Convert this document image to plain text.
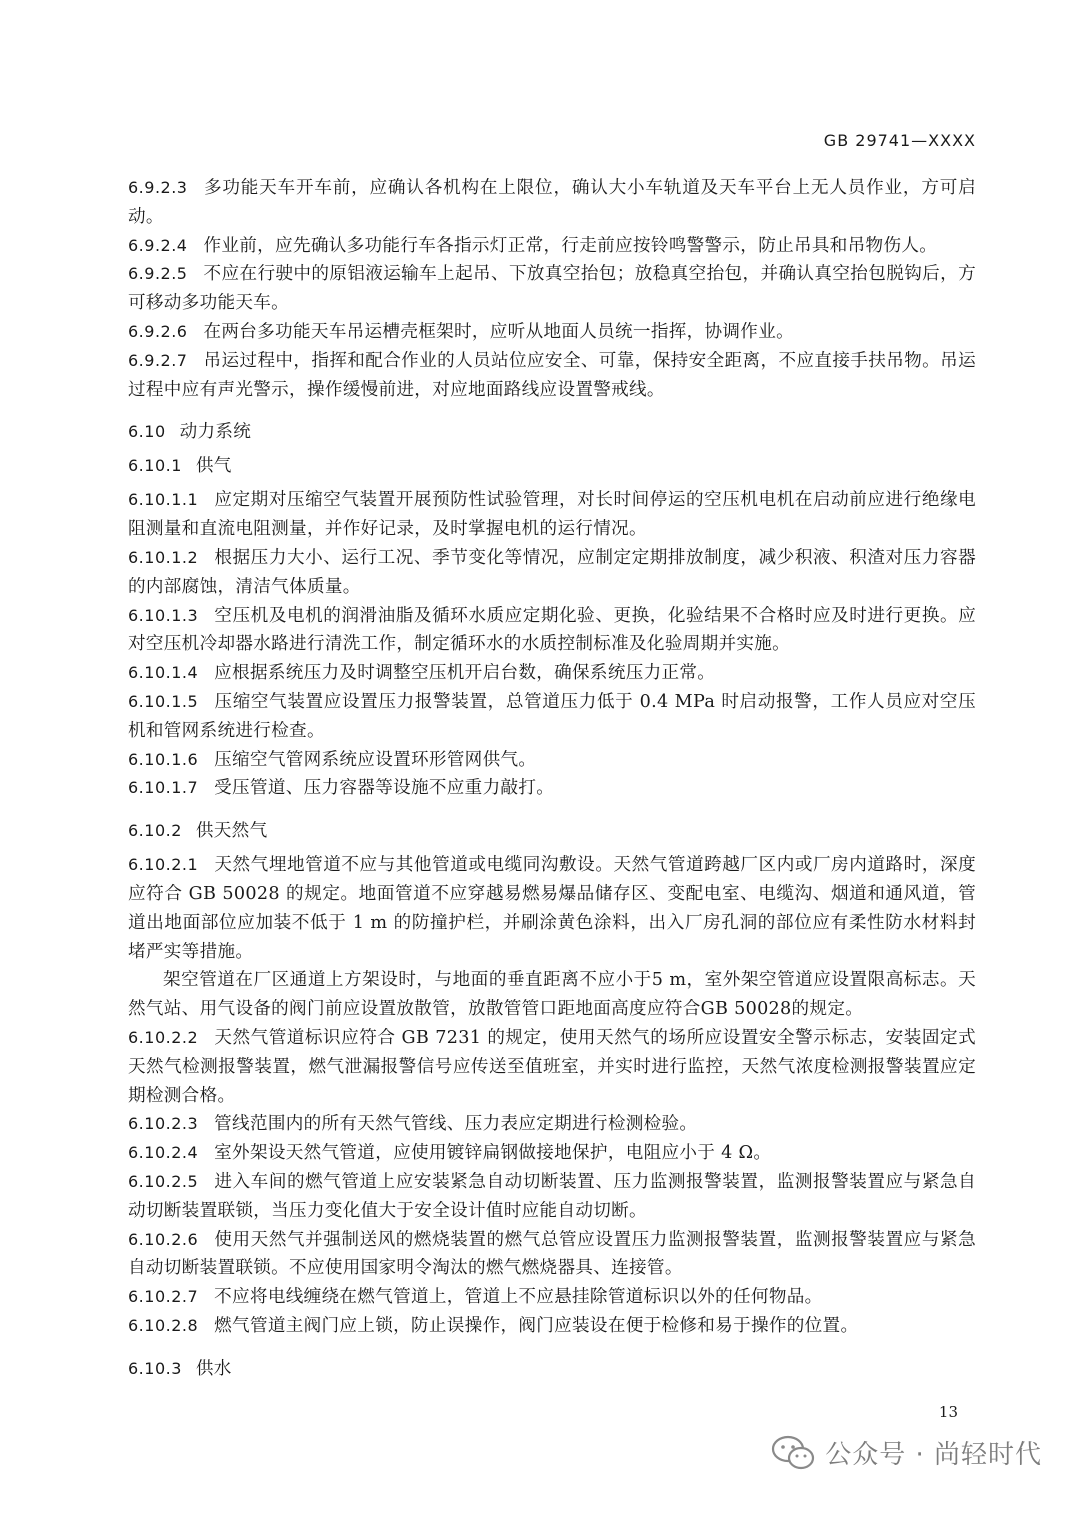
GB 29741—XXXX

6.9.2.3 多功能天车开车前，应确认各机构在上限位，确认大小车轨道及天车平台上无人员作业，方可启动。

6.9.2.4 作业前，应先确认多功能行车各指示灯正常，行走前应按铃鸣警警示，防止吊具和吊物伤人。

6.9.2.5 不应在行驶中的原铝液运输车上起吊、下放真空抬包；放稳真空抬包，并确认真空抬包脱钩后，方可移动多功能天车。

6.9.2.6 在两台多功能天车吊运槽壳框架时，应听从地面人员统一指挥，协调作业。

6.9.2.7 吊运过程中，指挥和配合作业的人员站位应安全、可靠，保持安全距离，不应直接手扶吊物。吊运过程中应有声光警示，操作缓慢前进，对应地面路线应设置警戒线。

6.10 动力系统

6.10.1 供气

6.10.1.1 应定期对压缩空气装置开展预防性试验管理，对长时间停运的空压机电机在启动前应进行绝缘电阻测量和直流电阻测量，并作好记录，及时掌握电机的运行情况。

6.10.1.2 根据压力大小、运行工况、季节变化等情况，应制定定期排放制度，减少积液、积渣对压力容器的内部腐蚀，清洁气体质量。

6.10.1.3 空压机及电机的润滑油脂及循环水质应定期化验、更换，化验结果不合格时应及时进行更换。应对空压机冷却器水路进行清洗工作，制定循环水的水质控制标准及化验周期并实施。

6.10.1.4 应根据系统压力及时调整空压机开启台数，确保系统压力正常。

6.10.1.5 压缩空气装置应设置压力报警装置，总管道压力低于 0.4 MPa 时启动报警，工作人员应对空压机和管网系统进行检查。

6.10.1.6 压缩空气管网系统应设置环形管网供气。

6.10.1.7 受压管道、压力容器等设施不应重力敲打。

6.10.2 供天然气

6.10.2.1 天然气埋地管道不应与其他管道或电缆同沟敷设。天然气管道跨越厂区内或厂房内道路时，深度应符合 GB 50028 的规定。地面管道不应穿越易燃易爆品储存区、变配电室、电缆沟、烟道和通风道，管道出地面部位应加装不低于 1 m 的防撞护栏，并刷涂黄色涂料，出入厂房孔洞的部位应有柔性防水材料封堵严实等措施。

架空管道在厂区通道上方架设时，与地面的垂直距离不应小于5 m，室外架空管道应设置限高标志。天然气站、用气设备的阀门前应设置放散管，放散管管口距地面高度应符合GB 50028的规定。

6.10.2.2 天然气管道标识应符合 GB 7231 的规定，使用天然气的场所应设置安全警示标志，安装固定式天然气检测报警装置，燃气泄漏报警信号应传送至值班室，并实时进行监控，天然气浓度检测报警装置应定期检测合格。

6.10.2.3 管线范围内的所有天然气管线、压力表应定期进行检测检验。

6.10.2.4 室外架设天然气管道，应使用镀锌扁钢做接地保护，电阻应小于 4 Ω。

6.10.2.5 进入车间的燃气管道上应安装紧急自动切断装置、压力监测报警装置，监测报警装置应与紧急自动切断装置联锁，当压力变化值大于安全设计值时应能自动切断。

6.10.2.6 使用天然气并强制送风的燃烧装置的燃气总管应设置压力监测报警装置，监测报警装置应与紧急自动切断装置联锁。不应使用国家明令淘汰的燃气燃烧器具、连接管。

6.10.2.7 不应将电线缠绕在燃气管道上，管道上不应悬挂除管道标识以外的任何物品。

6.10.2.8 燃气管道主阀门应上锁，防止误操作，阀门应装设在便于检修和易于操作的位置。

6.10.3 供水

13
公众号 · 尚轻时代
